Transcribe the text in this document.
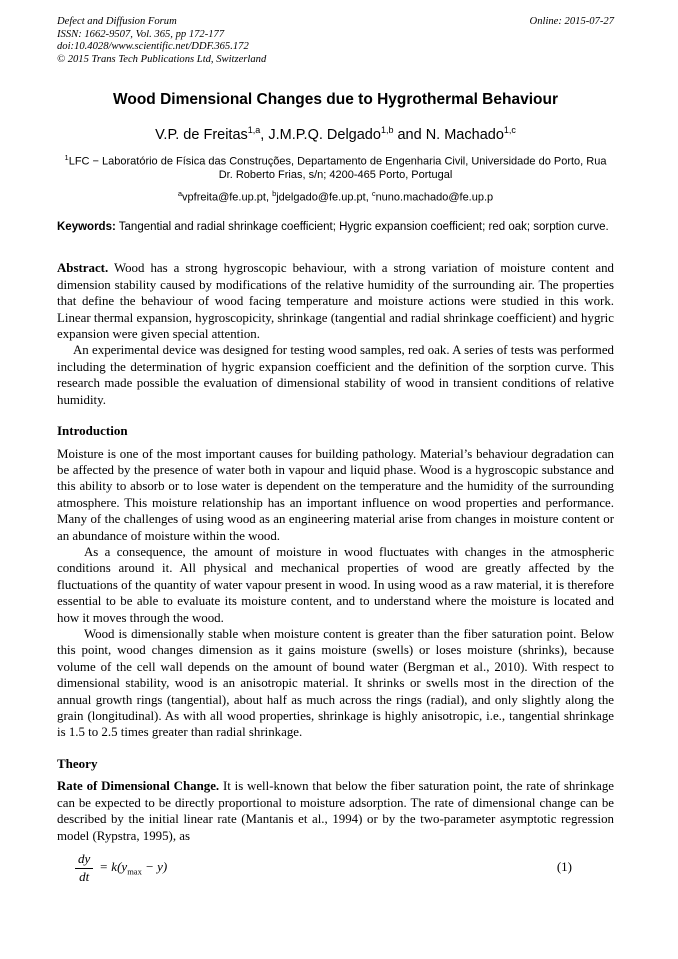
Defect and Diffusion Forum
ISSN: 1662-9507, Vol. 365, pp 172-177
doi:10.4028/www.scientific.net/DDF.365.172
© 2015 Trans Tech Publications Ltd, Switzerland
Online: 2015-07-27
Wood Dimensional Changes due to Hygrothermal Behaviour
V.P. de Freitas$^{1,a}$, J.M.P.Q. Delgado$^{1,b}$ and N. Machado$^{1,c}$
$^1$LFC − Laboratório de Física das Construções, Departamento de Engenharia Civil, Universidade do Porto, Rua Dr. Roberto Frias, s/n; 4200-465 Porto, Portugal
$^a$vpfreita@fe.up.pt, $^b$jdelgado@fe.up.pt, $^c$nuno.machado@fe.up.p

Keywords: Tangential and radial shrinkage coefficient; Hygric expansion coefficient; red oak; sorption curve.

Abstract. Wood has a strong hygroscopic behaviour, with a strong variation of moisture content and dimension stability caused by modifications of the relative humidity of the surrounding air. The properties that define the behaviour of wood facing temperature and moisture actions were studied in this work. Linear thermal expansion, hygroscopicity, shrinkage (tangential and radial shrinkage coefficient) and hygric expansion were given special attention.

An experimental device was designed for testing wood samples, red oak. A series of tests was performed including the determination of hygric expansion coefficient and the definition of the sorption curve. This research made possible the evaluation of dimensional stability of wood in transient conditions of relative humidity.

Introduction

Moisture is one of the most important causes for building pathology. Material’s behaviour degradation can be affected by the presence of water both in vapour and liquid phase. Wood is a hygroscopic substance and this ability to absorb or to lose water is dependent on the temperature and the humidity of the surrounding atmosphere. This moisture relationship has an important influence on wood properties and performance. Many of the challenges of using wood as an engineering material arise from changes in moisture content or an abundance of moisture within the wood.

As a consequence, the amount of moisture in wood fluctuates with changes in the atmospheric conditions around it. All physical and mechanical properties of wood are greatly affected by the fluctuations of the quantity of water vapour present in wood. In using wood as a raw material, it is therefore essential to be able to evaluate its moisture content, and to understand where the moisture is located and how it moves through the wood.

Wood is dimensionally stable when moisture content is greater than the fiber saturation point. Below this point, wood changes dimension as it gains moisture (swells) or loses moisture (shrinks), because volume of the cell wall depends on the amount of bound water (Bergman et al., 2010). With respect to dimensional stability, wood is an anisotropic material. It shrinks or swells most in the direction of the annual growth rings (tangential), about half as much across the rings (radial), and only slightly along the grain (longitudinal). As with all wood properties, shrinkage is highly anisotropic, i.e., tangential shrinkage is 1.5 to 2.5 times greater than radial shrinkage.

Theory

Rate of Dimensional Change. It is well-known that below the fiber saturation point, the rate of shrinkage can be expected to be directly proportional to moisture adsorption. The rate of dimensional change can be described by the initial linear rate (Mantanis et al., 1994) or by the two-parameter asymptotic regression model (Rypstra, 1995), as

$\frac{dy}{dt} = k(y_{max} - y)$	(1)
